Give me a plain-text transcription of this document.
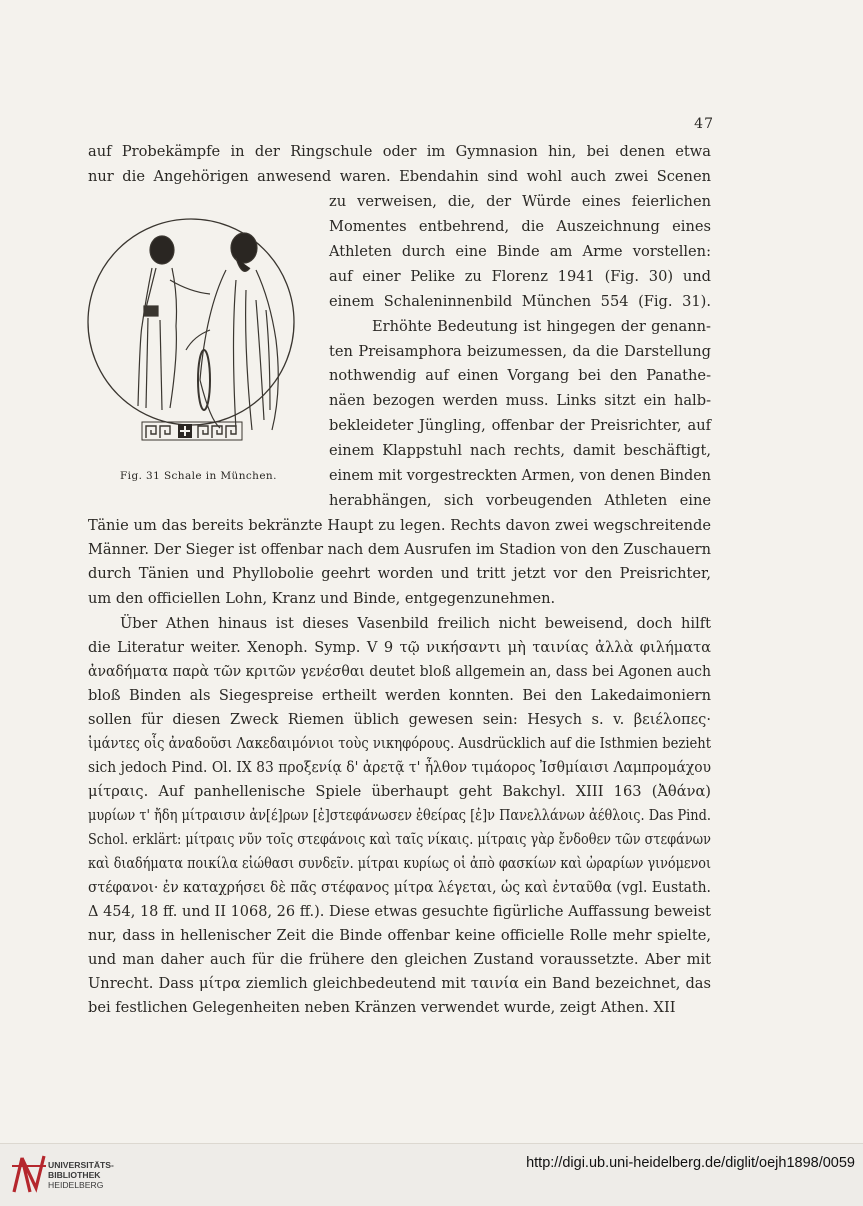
47
Fig. 31 Schale in München.
auf Probekämpfe in der Ringschule oder im Gymnasion hin, bei denen etwa
nur die Angehörigen anwesend waren. Ebendahin sind wohl auch zwei Scenen
zu verweisen, die, der Würde eines feierlichen
Momentes entbehrend, die Auszeichnung eines
Athleten durch eine Binde am Arme vorstellen:
auf einer Pelike zu Florenz 1941 (Fig. 30) und
einem Schaleninnenbild München 554 (Fig. 31).
Erhöhte Bedeutung ist hingegen der genann-
ten Preisamphora beizumessen, da die Darstellung
nothwendig auf einen Vorgang bei den Panathe-
näen bezogen werden muss. Links sitzt ein halb-
bekleideter Jüngling, offenbar der Preisrichter, auf
einem Klappstuhl nach rechts, damit beschäftigt,
einem mit vorgestreckten Armen, von denen Binden
herabhängen, sich vorbeugenden Athleten eine
Tänie um das bereits bekränzte Haupt zu legen. Rechts davon zwei wegschreitende
Männer. Der Sieger ist offenbar nach dem Ausrufen im Stadion von den Zuschauern
durch Tänien und Phyllobolie geehrt worden und tritt jetzt vor den Preisrichter,
um den officiellen Lohn, Kranz und Binde, entgegenzunehmen.
Über Athen hinaus ist dieses Vasenbild freilich nicht beweisend, doch hilft
die Literatur weiter. Xenoph. Symp. V 9 τῷ νικήσαντι μὴ ταινίας ἀλλὰ φιλήματα
ἀναδήματα παρὰ τῶν κριτῶν γενέσθαι deutet bloß allgemein an, dass bei Agonen auch
bloß Binden als Siegespreise ertheilt werden konnten. Bei den Lakedaimoniern
sollen für diesen Zweck Riemen üblich gewesen sein: Hesych s. v. βειέλοπες·
ἱμάντες οἷς ἀναδοῦσι Λακεδαιμόνιοι τοὺς νικηφόρους. Ausdrücklich auf die Isthmien bezieht
sich jedoch Pind. Ol. IX 83 προξενίᾳ δ' ἀρετᾷ τ' ἦλθον τιμάορος Ἰσθμίαισι Λαμπρομάχου
μίτραις. Auf panhellenische Spiele überhaupt geht Bakchyl. XIII 163 (Ἀθάνα)
μυρίων τ' ἤδη μίτραισιν ἀν[έ]ρων [ἐ]στεφάνωσεν ἐθείρας [ἐ]ν Πανελλάνων ἀέθλοις. Das Pind.
Schol. erklärt: μίτραις νῦν τοῖς στεφάνοις καὶ ταῖς νίκαις. μίτραις γὰρ ἔνδοθεν τῶν στεφάνων
καὶ διαδήματα ποικίλα εἰώθασι συνδεῖν. μίτραι κυρίως οἱ ἀπὸ φασκίων καὶ ὠραρίων γινόμενοι
στέφανοι· ἐν καταχρήσει δὲ πᾶς στέφανος μίτρα λέγεται, ὡς καὶ ἐνταῦθα (vgl. Eustath.
Δ 454, 18 ff. und II 1068, 26 ff.). Diese etwas gesuchte figürliche Auffassung beweist
nur, dass in hellenischer Zeit die Binde offenbar keine officielle Rolle mehr spielte,
und man daher auch für die frühere den gleichen Zustand voraussetzte. Aber mit
Unrecht. Dass μίτρα ziemlich gleichbedeutend mit ταινία ein Band bezeichnet, das
bei festlichen Gelegenheiten neben Kränzen verwendet wurde, zeigt Athen. XII
UNIVERSITÄTS-
BIBLIOTHEK
HEIDELBERG
http://digi.ub.uni-heidelberg.de/diglit/oejh1898/0059
